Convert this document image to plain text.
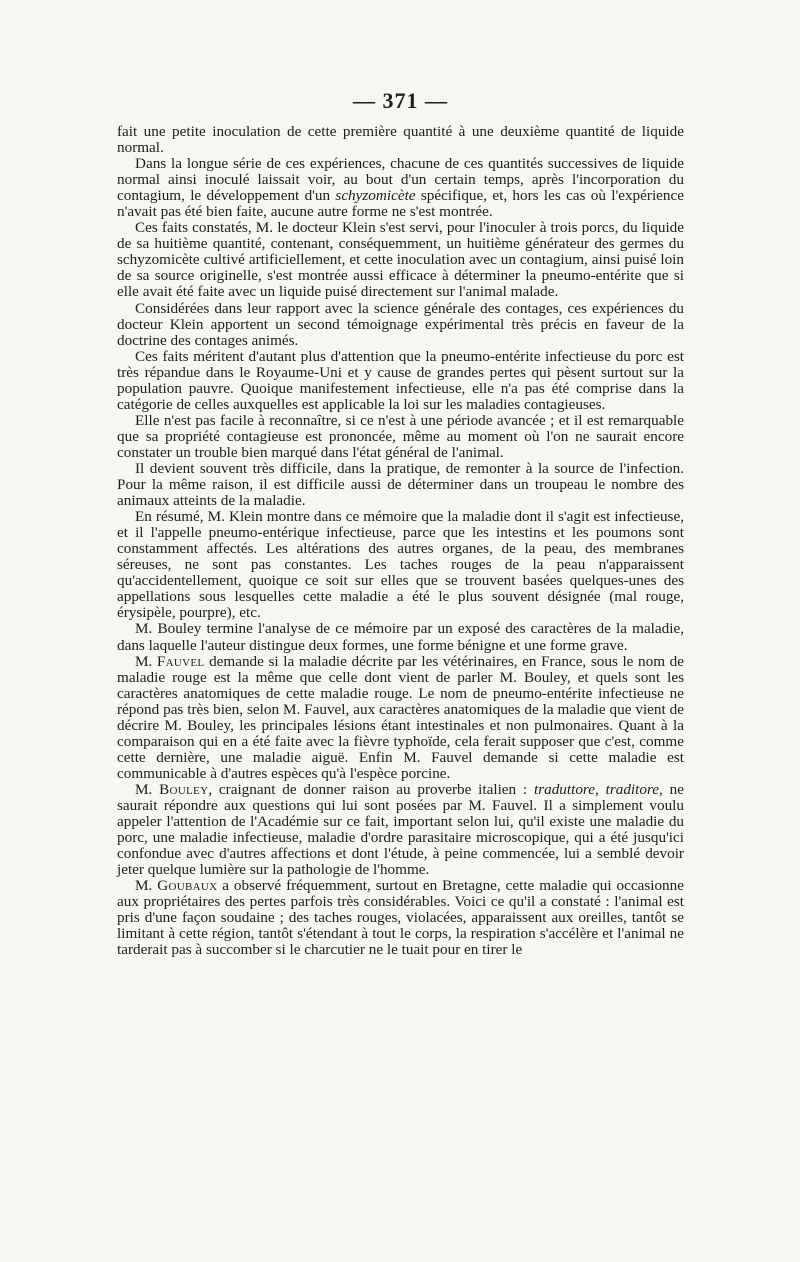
— 371 —

fait une petite inoculation de cette première quantité à une deuxième quantité de liquide normal.

Dans la longue série de ces expériences, chacune de ces quantités successives de liquide normal ainsi inoculé laissait voir, au bout d'un certain temps, après l'incorporation du contagium, le développement d'un schyzomicète spécifique, et, hors les cas où l'expérience n'avait pas été bien faite, aucune autre forme ne s'est montrée.

Ces faits constatés, M. le docteur Klein s'est servi, pour l'inoculer à trois porcs, du liquide de sa huitième quantité, contenant, conséquemment, un huitième générateur des germes du schyzomicète cultivé artificiellement, et cette inoculation avec un contagium, ainsi puisé loin de sa source originelle, s'est montrée aussi efficace à déterminer la pneumo-entérite que si elle avait été faite avec un liquide puisé directement sur l'animal malade.

Considérées dans leur rapport avec la science générale des contages, ces expériences du docteur Klein apportent un second témoignage expérimental très précis en faveur de la doctrine des contages animés.

Ces faits méritent d'autant plus d'attention que la pneumo-entérite infectieuse du porc est très répandue dans le Royaume-Uni et y cause de grandes pertes qui pèsent surtout sur la population pauvre. Quoique manifestement infectieuse, elle n'a pas été comprise dans la catégorie de celles auxquelles est applicable la loi sur les maladies contagieuses.

Elle n'est pas facile à reconnaître, si ce n'est à une période avancée ; et il est remarquable que sa propriété contagieuse est prononcée, même au moment où l'on ne saurait encore constater un trouble bien marqué dans l'état général de l'animal.

Il devient souvent très difficile, dans la pratique, de remonter à la source de l'infection. Pour la même raison, il est difficile aussi de déterminer dans un troupeau le nombre des animaux atteints de la maladie.

En résumé, M. Klein montre dans ce mémoire que la maladie dont il s'agit est infectieuse, et il l'appelle pneumo-entérique infectieuse, parce que les intestins et les poumons sont constamment affectés. Les altérations des autres organes, de la peau, des membranes séreuses, ne sont pas constantes. Les taches rouges de la peau n'apparaissent qu'accidentellement, quoique ce soit sur elles que se trouvent basées quelques-unes des appellations sous lesquelles cette maladie a été le plus souvent désignée (mal rouge, érysipèle, pourpre), etc.

M. Bouley termine l'analyse de ce mémoire par un exposé des caractères de la maladie, dans laquelle l'auteur distingue deux formes, une forme bénigne et une forme grave.

M. Fauvel demande si la maladie décrite par les vétérinaires, en France, sous le nom de maladie rouge est la même que celle dont vient de parler M. Bouley, et quels sont les caractères anatomiques de cette maladie rouge. Le nom de pneumo-entérite infectieuse ne répond pas très bien, selon M. Fauvel, aux caractères anatomiques de la maladie que vient de décrire M. Bouley, les principales lésions étant intestinales et non pulmonaires. Quant à la comparaison qui en a été faite avec la fièvre typhoïde, cela ferait supposer que c'est, comme cette dernière, une maladie aiguë. Enfin M. Fauvel demande si cette maladie est communicable à d'autres espèces qu'à l'espèce porcine.

M. Bouley, craignant de donner raison au proverbe italien : traduttore, traditore, ne saurait répondre aux questions qui lui sont posées par M. Fauvel. Il a simplement voulu appeler l'attention de l'Académie sur ce fait, important selon lui, qu'il existe une maladie du porc, une maladie infectieuse, maladie d'ordre parasitaire microscopique, qui a été jusqu'ici confondue avec d'autres affections et dont l'étude, à peine commencée, lui a semblé devoir jeter quelque lumière sur la pathologie de l'homme.

M. Goubaux a observé fréquemment, surtout en Bretagne, cette maladie qui occasionne aux propriétaires des pertes parfois très considérables. Voici ce qu'il a constaté : l'animal est pris d'une façon soudaine ; des taches rouges, violacées, apparaissent aux oreilles, tantôt se limitant à cette région, tantôt s'étendant à tout le corps, la respiration s'accélère et l'animal ne tarderait pas à succomber si le charcutier ne le tuait pour en tirer le
